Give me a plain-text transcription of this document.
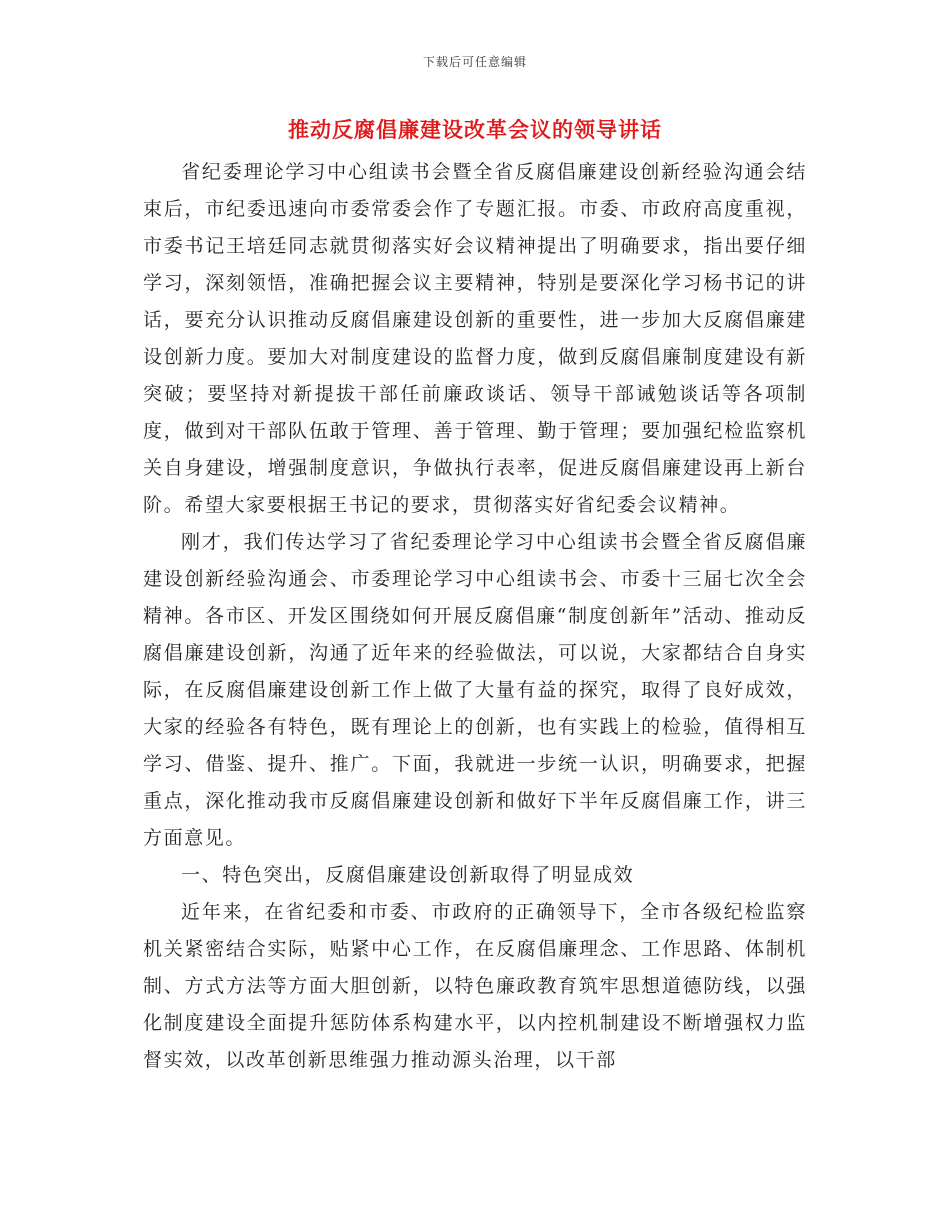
下载后可任意编辑
推动反腐倡廉建设改革会议的领导讲话

省纪委理论学习中心组读书会暨全省反腐倡廉建设创新经验沟通会结束后，市纪委迅速向市委常委会作了专题汇报。市委、市政府高度重视，市委书记王培廷同志就贯彻落实好会议精神提出了明确要求，指出要仔细学习，深刻领悟，准确把握会议主要精神，特别是要深化学习杨书记的讲话，要充分认识推动反腐倡廉建设创新的重要性，进一步加大反腐倡廉建设创新力度。要加大对制度建设的监督力度，做到反腐倡廉制度建设有新突破；要坚持对新提拔干部任前廉政谈话、领导干部诫勉谈话等各项制度，做到对干部队伍敢于管理、善于管理、勤于管理；要加强纪检监察机关自身建设，增强制度意识，争做执行表率，促进反腐倡廉建设再上新台阶。希望大家要根据王书记的要求，贯彻落实好省纪委会议精神。

刚才，我们传达学习了省纪委理论学习中心组读书会暨全省反腐倡廉建设创新经验沟通会、市委理论学习中心组读书会、市委十三届七次全会精神。各市区、开发区围绕如何开展反腐倡廉“制度创新年”活动、推动反腐倡廉建设创新，沟通了近年来的经验做法，可以说，大家都结合自身实际，在反腐倡廉建设创新工作上做了大量有益的探究，取得了良好成效，大家的经验各有特色，既有理论上的创新，也有实践上的检验，值得相互学习、借鉴、提升、推广。下面，我就进一步统一认识，明确要求，把握重点，深化推动我市反腐倡廉建设创新和做好下半年反腐倡廉工作，讲三方面意见。

一、特色突出，反腐倡廉建设创新取得了明显成效

近年来，在省纪委和市委、市政府的正确领导下，全市各级纪检监察机关紧密结合实际，贴紧中心工作，在反腐倡廉理念、工作思路、体制机制、方式方法等方面大胆创新，以特色廉政教育筑牢思想道德防线，以强化制度建设全面提升惩防体系构建水平，以内控机制建设不断增强权力监督实效，以改革创新思维强力推动源头治理，以干部
